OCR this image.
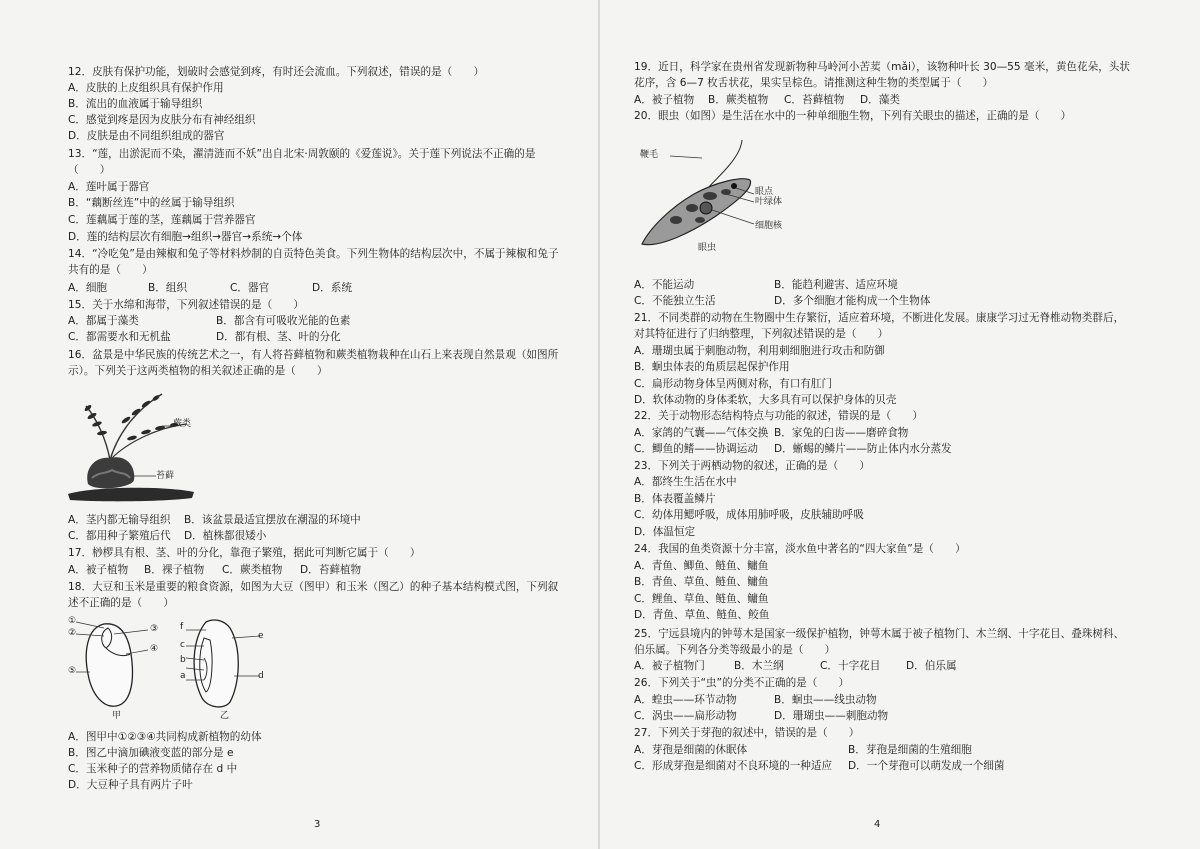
12．皮肤有保护功能，划破时会感觉到疼，有时还会流血。下列叙述，错误的是（　　）
A．皮肤的上皮组织具有保护作用
B．流出的血液属于输导组织
C．感觉到疼是因为皮肤分布有神经组织
D．皮肤是由不同组织组成的器官
13．“莲，出淤泥而不染，濯清涟而不妖”出自北宋·周敦颐的《爱莲说》。关于莲下列说法不正确的是
（　　）
A．莲叶属于器官
B．“藕断丝连”中的丝属于输导组织
C．莲藕属于莲的茎，莲藕属于营养器官
D．莲的结构层次有细胞→组织→器官→系统→个体
14．“冷吃兔”是由辣椒和兔子等材料炒制的自贡特色美食。下列生物体的结构层次中，不属于辣椒和兔子
共有的是（　　）
A．细胞	B．组织	C．器官	D．系统
15．关于水绵和海带，下列叙述错误的是（　　）
A．都属于藻类	B．都含有可吸收光能的色素
C．都需要水和无机盐	D．都有根、茎、叶的分化
16．盆景是中华民族的传统艺术之一，有人将苔藓植物和蕨类植物栽种在山石上来表现自然景观（如图所
示）。下列关于这两类植物的相关叙述正确的是（　　）
蕨类
苔藓
A．茎内都无输导组织 B．该盆景最适宜摆放在潮湿的环境中
C．都用种子繁殖后代 D．植株都很矮小
17．桫椤具有根、茎、叶的分化，靠孢子繁殖，据此可判断它属于（　　）
A．被子植物 B．裸子植物 C．蕨类植物 D．苔藓植物
18．大豆和玉米是重要的粮食资源，如图为大豆（图甲）和玉米（图乙）的种子基本结构模式图，下列叙
述不正确的是（　　）
①
②	③
④
⑤
甲
f
e
c
b
a	d
乙
A．图甲中①②③④共同构成新植物的幼体
B．图乙中滴加碘液变蓝的部分是 e
C．玉米种子的营养物质储存在 d 中
D．大豆种子具有两片子叶
3
19．近日，科学家在贵州省发现新物种马岭河小苦荬（mǎi），该物种叶长 30—55 毫米，黄色花朵，头状
花序，含 6—7 枚舌状花，果实呈棕色。请推测这种生物的类型属于（　　）
A．被子植物 B．蕨类植物 C．苔藓植物 D．藻类
20．眼虫（如图）是生活在水中的一种单细胞生物，下列有关眼虫的描述，正确的是（　　）
鞭毛
眼点
叶绿体
细胞核
眼虫
A．不能运动	B．能趋利避害、适应环境
C．不能独立生活	D．多个细胞才能构成一个生物体
21．不同类群的动物在生物圈中生存繁衍，适应着环境，不断进化发展。康康学习过无脊椎动物类群后，
对其特征进行了归纳整理，下列叙述错误的是（　　）
A．珊瑚虫属于刺胞动物，利用刺细胞进行攻击和防御
B．蛔虫体表的角质层起保护作用
C．扁形动物身体呈两侧对称，有口有肛门
D．软体动物的身体柔软，大多具有可以保护身体的贝壳
22．关于动物形态结构特点与功能的叙述，错误的是（　　）
A．家鸽的气囊——气体交换 B．家兔的臼齿——磨碎食物
C．鲫鱼的鳍——协调运动 D．蜥蜴的鳞片——防止体内水分蒸发
23．下列关于两栖动物的叙述，正确的是（　　）
A．都终生生活在水中
B．体表覆盖鳞片
C．幼体用鳃呼吸，成体用肺呼吸，皮肤辅助呼吸
D．体温恒定
24．我国的鱼类资源十分丰富，淡水鱼中著名的“四大家鱼”是（　　）
A．青鱼、鲫鱼、鲢鱼、鳙鱼
B．青鱼、草鱼、鲢鱼、鳙鱼
C．鲤鱼、草鱼、鲢鱼、鳙鱼
D．青鱼、草鱼、鲢鱼、鲛鱼
25．宁远县境内的钟萼木是国家一级保护植物，钟萼木属于被子植物门、木兰纲、十字花目、叠珠树科、
伯乐属。下列各分类等级最小的是（　　）
A．被子植物门	B．木兰纲	C．十字花目 D．伯乐属
26．下列关于“虫”的分类不正确的是（　　）
A．蝗虫——环节动物	B．蛔虫——线虫动物
C．涡虫——扁形动物	D．珊瑚虫——刺胞动物
27．下列关于芽孢的叙述中，错误的是（　　）
A．芽孢是细菌的休眠体	B．芽孢是细菌的生殖细胞
C．形成芽孢是细菌对不良环境的一种适应 D．一个芽孢可以萌发成一个细菌
4
